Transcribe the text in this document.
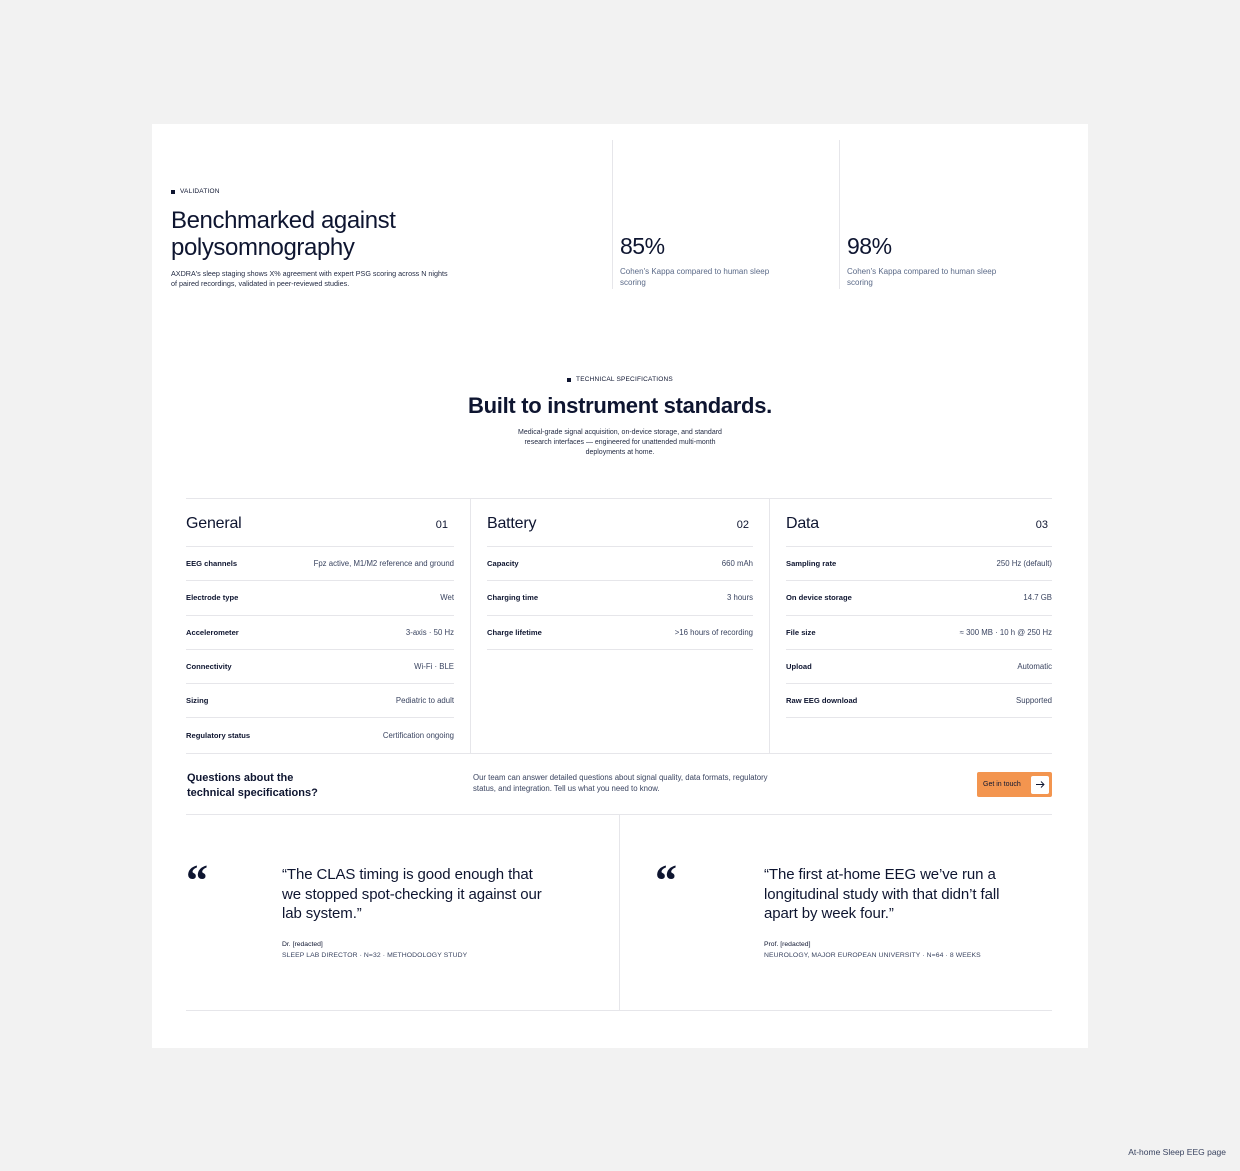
VALIDATION
Benchmarked against
polysomnography

AXDRA's sleep staging shows X% agreement with expert PSG scoring across N nights of paired recordings, validated in peer-reviewed studies.

85%
Cohen's Kappa compared to human sleep scoring
98%
Cohen's Kappa compared to human sleep scoring
TECHNICAL SPECIFICATIONS
Built to instrument standards.

Medical-grade signal acquisition, on-device storage, and standard research interfaces — engineered for unattended multi-month deployments at home.

General	01
EEG channels	Fpz active, M1/M2 reference and ground
Electrode type	Wet
Accelerometer	3-axis · 50 Hz
Connectivity	Wi-Fi · BLE
Sizing	Pediatric to adult
Regulatory status	Certification ongoing
Battery	02
Capacity	660 mAh
Charging time	3 hours
Charge lifetime	>16 hours of recording
Data	03
Sampling rate	250 Hz (default)
On device storage	14.7 GB
File size	≈ 300 MB · 10 h @ 250 Hz
Upload	Automatic
Raw EEG download	Supported
Questions about the
technical specifications?

Our team can answer detailed questions about signal quality, data formats, regulatory status, and integration. Tell us what you need to know.	Get in touch
“	“The CLAS timing is good enough that we stopped spot-checking it against our lab system.”

Dr. [redacted]
SLEEP LAB DIRECTOR · N=32 · METHODOLOGY STUDY
“	“The first at-home EEG we’ve run a longitudinal study with that didn’t fall apart by week four.”

Prof. [redacted]
NEUROLOGY, MAJOR EUROPEAN UNIVERSITY · N=64 · 8 WEEKS
At-home Sleep EEG page
